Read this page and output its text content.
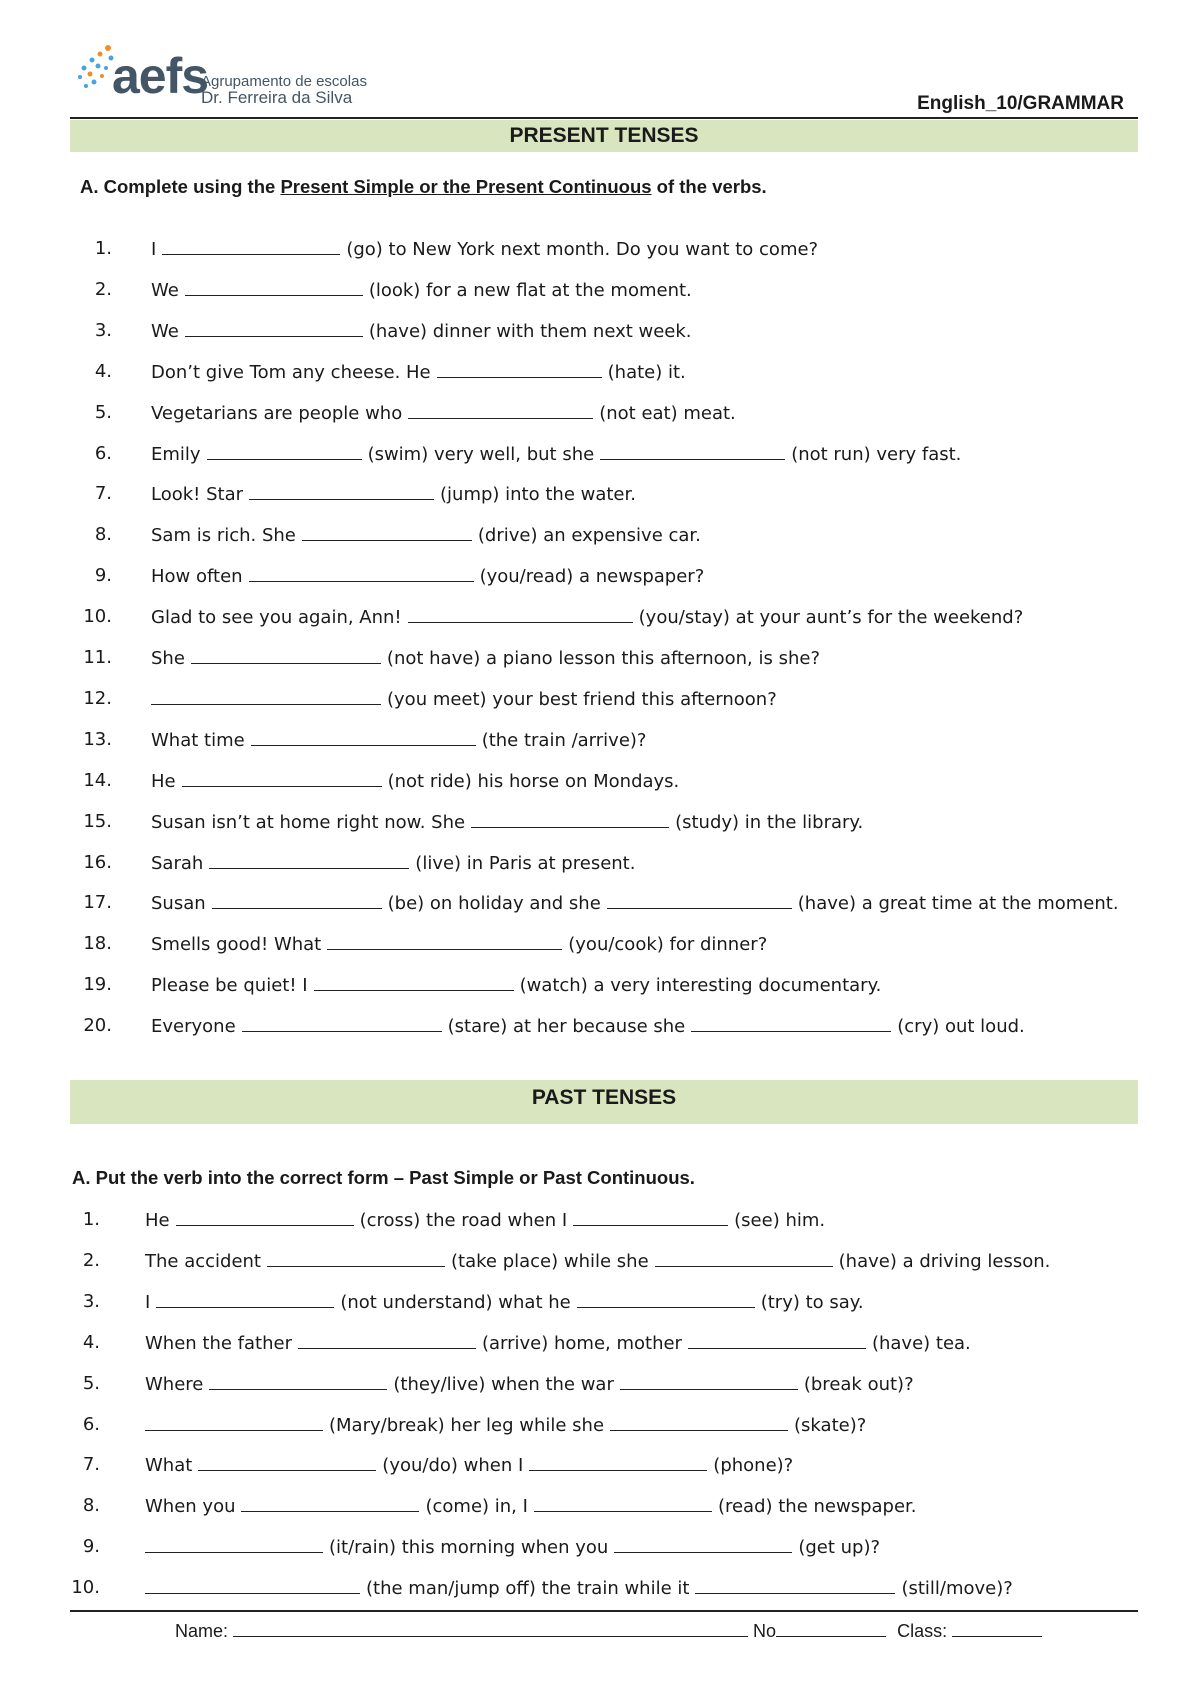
aefs
Agrupamento de escolas
Dr. Ferreira da Silva	English_10/GRAMMAR
PRESENT TENSES
A. Complete using the Present Simple or the Present Continuous of the verbs.
1. I	(go) to New York next month. Do you want to come?
2. We	(look) for a new flat at the moment.
3. We	(have) dinner with them next week.
4. Don’t give Tom any cheese. He	(hate) it.
5. Vegetarians are people who	(not eat) meat.
6. Emily	(swim) very well, but she	(not run) very fast.
7. Look! Star	(jump) into the water.
8. Sam is rich. She	(drive) an expensive car.
9. How often	(you/read) a newspaper?
10. Glad to see you again, Ann!	(you/stay) at your aunt’s for the weekend?
11. She	(not have) a piano lesson this afternoon, is she?
12.	(you meet) your best friend this afternoon?
13. What time	(the train /arrive)?
14. He	(not ride) his horse on Mondays.
15. Susan isn’t at home right now. She	(study) in the library.
16. Sarah	(live) in Paris at present.
17. Susan	(be) on holiday and she	(have) a great time at the moment.
18. Smells good! What	(you/cook) for dinner?
19. Please be quiet! I	(watch) a very interesting documentary.
20. Everyone	(stare) at her because she	(cry) out loud.
PAST TENSES
A. Put the verb into the correct form – Past Simple or Past Continuous.
1.	He	(cross) the road when I	(see) him.
2.	The accident	(take place) while she	(have) a driving lesson.
3.	I	(not understand) what he	(try) to say.
4.	When the father	(arrive) home, mother	(have) tea.
5.	Where	(they/live) when the war	(break out)?
6.	(Mary/break) her leg while she	(skate)?
7.	What	(you/do) when I	(phone)?
8.	When you	(come) in, I	(read) the newspaper.
9.	(it/rain) this morning when you	(get up)?
10.	(the man/jump off) the train while it	(still/move)?
Name:	No	Class:
